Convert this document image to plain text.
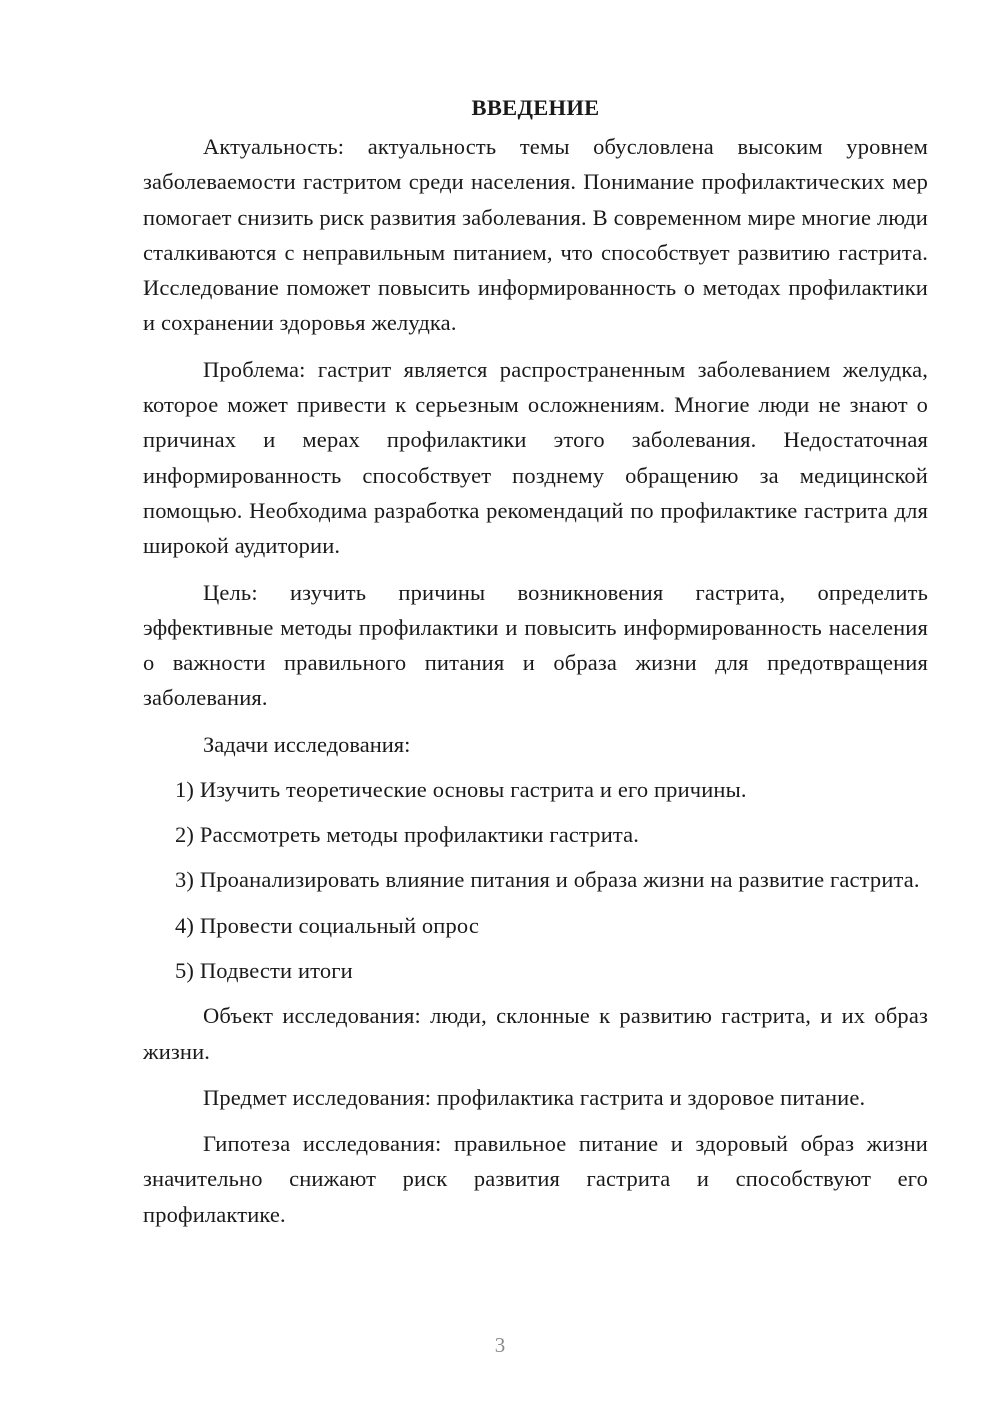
ВВЕДЕНИЕ

Актуальность: актуальность темы обусловлена высоким уровнем заболеваемости гастритом среди населения. Понимание профилактических мер помогает снизить риск развития заболевания. В современном мире многие люди сталкиваются с неправильным питанием, что способствует развитию гастрита. Исследование поможет повысить информированность о методах профилактики и сохранении здоровья желудка.

Проблема: гастрит является распространенным заболеванием желудка, которое может привести к серьезным осложнениям. Многие люди не знают о причинах и мерах профилактики этого заболевания. Недостаточная информированность способствует позднему обращению за медицинской помощью. Необходима разработка рекомендаций по профилактике гастрита для широкой аудитории.

Цель: изучить причины возникновения гастрита, определить эффективные методы профилактики и повысить информированность населения о важности правильного питания и образа жизни для предотвращения заболевания.

Задачи исследования:

1) Изучить теоретические основы гастрита и его причины.

2) Рассмотреть методы профилактики гастрита.

3) Проанализировать влияние питания и образа жизни на развитие гастрита.

4) Провести социальный опрос

5) Подвести итоги

Объект исследования: люди, склонные к развитию гастрита, и их образ жизни.

Предмет исследования: профилактика гастрита и здоровое питание.

Гипотеза исследования: правильное питание и здоровый образ жизни значительно снижают риск развития гастрита и способствуют его профилактике.

3
